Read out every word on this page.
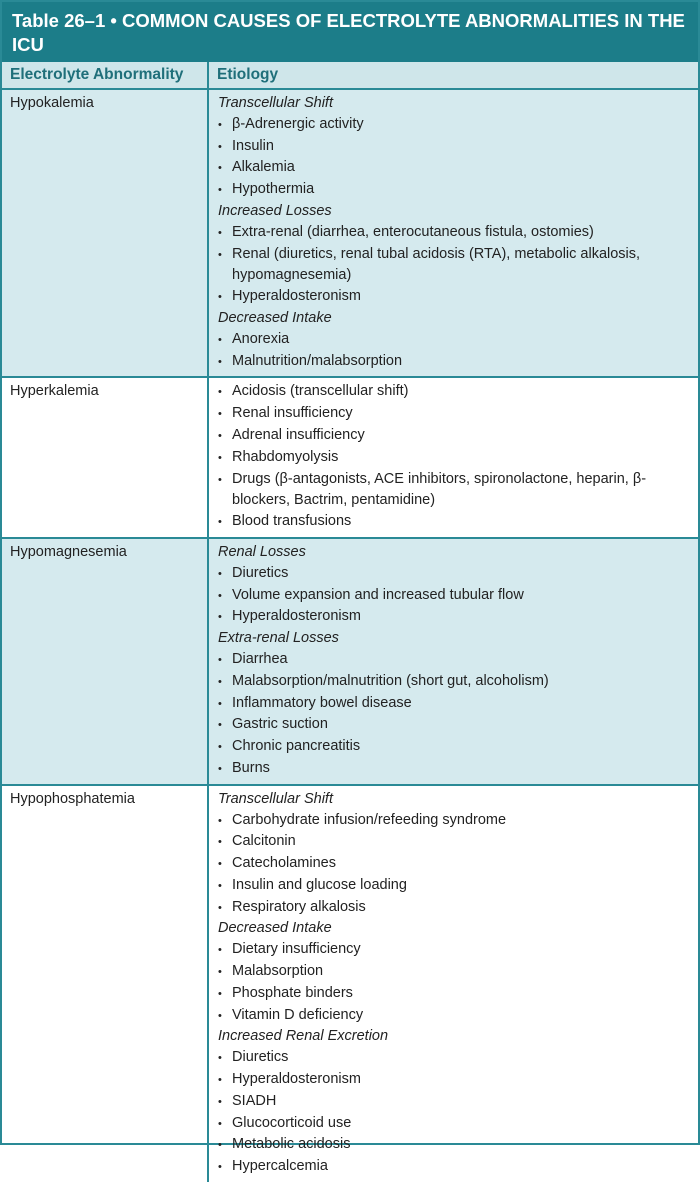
Table 26–1 • COMMON CAUSES OF ELECTROLYTE ABNORMALITIES IN THE ICU
Electrolyte Abnormality	Etiology
Hypokalemia	Transcellular Shift
• β-Adrenergic activity
• Insulin
• Alkalemia
• Hypothermia
Increased Losses
• Extra-renal (diarrhea, enterocutaneous fistula, ostomies)
• Renal (diuretics, renal tubal acidosis (RTA), metabolic alkalosis, hypomagnesemia)
• Hyperaldosteronism
Decreased Intake
• Anorexia
• Malnutrition/malabsorption
Hyperkalemia	• Acidosis (transcellular shift)
• Renal insufficiency
• Adrenal insufficiency
• Rhabdomyolysis
• Drugs (β-antagonists, ACE inhibitors, spironolactone, heparin, β-blockers, Bactrim, pentamidine)
• Blood transfusions
Hypomagnesemia	Renal Losses
• Diuretics
• Volume expansion and increased tubular flow
• Hyperaldosteronism
Extra-renal Losses
• Diarrhea
• Malabsorption/malnutrition (short gut, alcoholism)
• Inflammatory bowel disease
• Gastric suction
• Chronic pancreatitis
• Burns
Hypophosphatemia	Transcellular Shift
• Carbohydrate infusion/refeeding syndrome
• Calcitonin
• Catecholamines
• Insulin and glucose loading
• Respiratory alkalosis
Decreased Intake
• Dietary insufficiency
• Malabsorption
• Phosphate binders
• Vitamin D deficiency
Increased Renal Excretion
• Diuretics
• Hyperaldosteronism
• SIADH
• Glucocorticoid use
• Metabolic acidosis
• Hypercalcemia
